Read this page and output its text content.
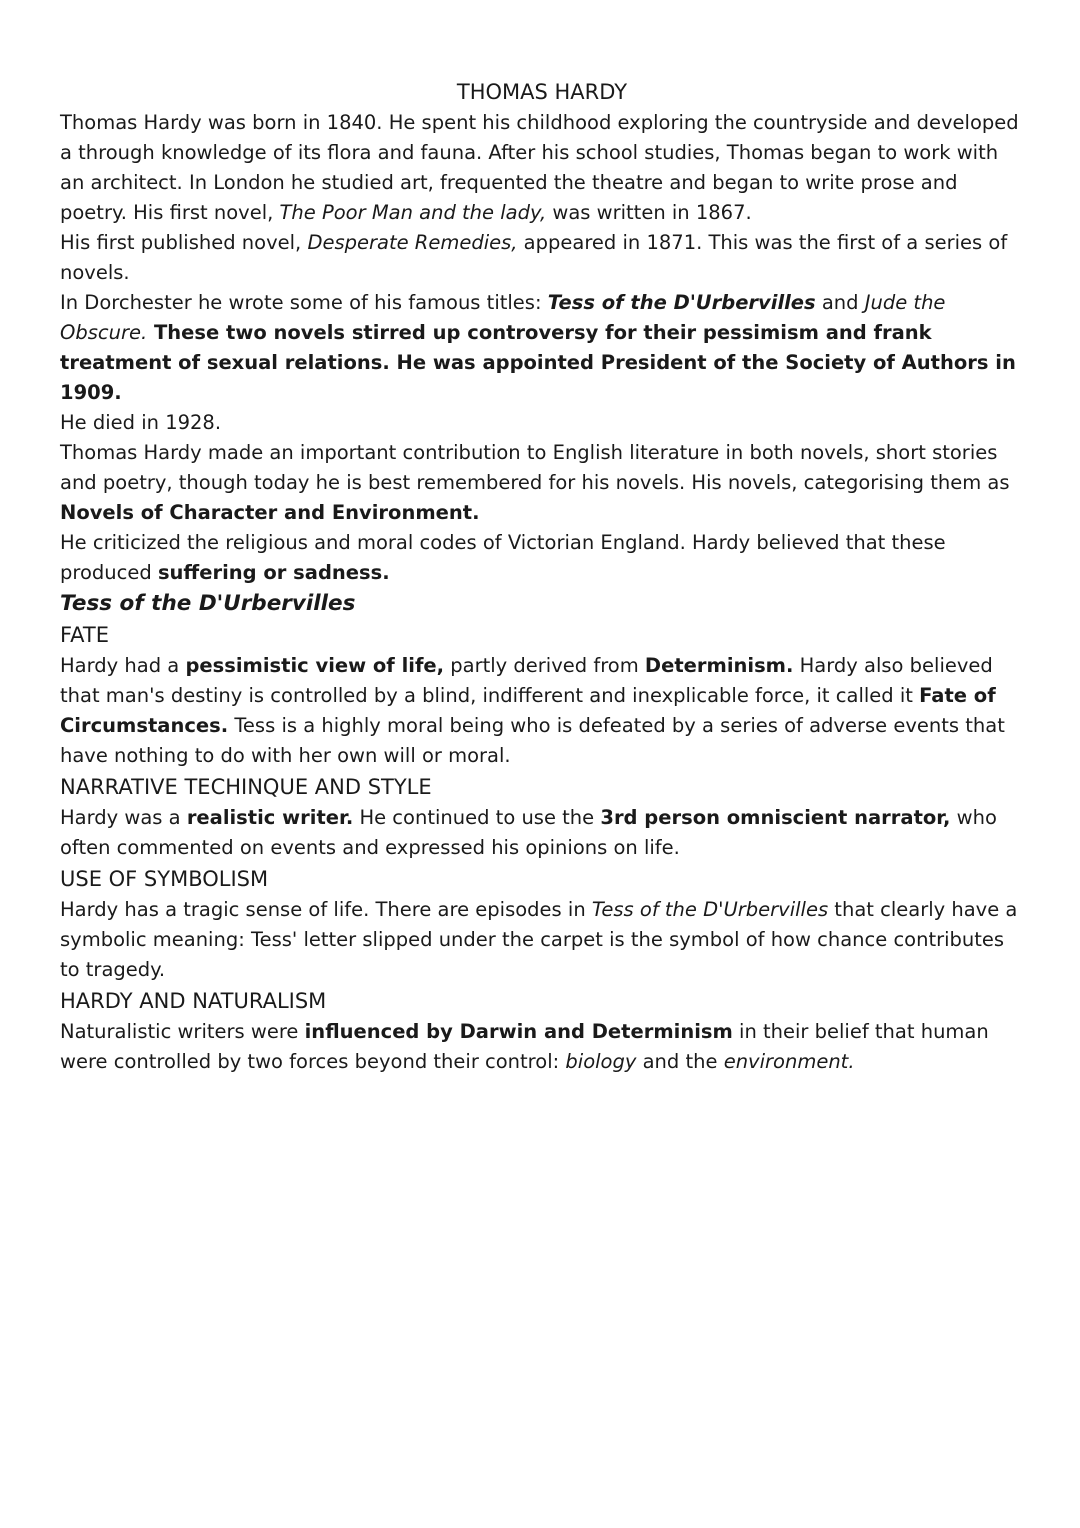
THOMAS HARDY

Thomas Hardy was born in 1840. He spent his childhood exploring the countryside and developed a through knowledge of its flora and fauna. After his school studies, Thomas began to work with an architect. In London he studied art, frequented the theatre and began to write prose and poetry. His first novel, The Poor Man and the lady, was written in 1867.

His first published novel, Desperate Remedies, appeared in 1871. This was the first of a series of novels.

In Dorchester he wrote some of his famous titles: Tess of the D'Urbervilles and Jude the Obscure. These two novels stirred up controversy for their pessimism and frank treatment of sexual relations. He was appointed President of the Society of Authors in 1909.

He died in 1928.

Thomas Hardy made an important contribution to English literature in both novels, short stories and poetry, though today he is best remembered for his novels. His novels, categorising them as Novels of Character and Environment.

He criticized the religious and moral codes of Victorian England. Hardy believed that these produced suffering or sadness.

Tess of the D'Urbervilles
FATE

Hardy had a pessimistic view of life, partly derived from Determinism. Hardy also believed that man's destiny is controlled by a blind, indifferent and inexplicable force, it called it Fate of Circumstances. Tess is a highly moral being who is defeated by a series of adverse events that have nothing to do with her own will or moral.

NARRATIVE TECHINQUE AND STYLE

Hardy was a realistic writer. He continued to use the 3rd person omniscient narrator, who often commented on events and expressed his opinions on life.

USE OF SYMBOLISM

Hardy has a tragic sense of life. There are episodes in Tess of the D'Urbervilles that clearly have a symbolic meaning: Tess' letter slipped under the carpet is the symbol of how chance contributes to tragedy.

HARDY AND NATURALISM

Naturalistic writers were influenced by Darwin and Determinism in their belief that human were controlled by two forces beyond their control: biology and the environment.
